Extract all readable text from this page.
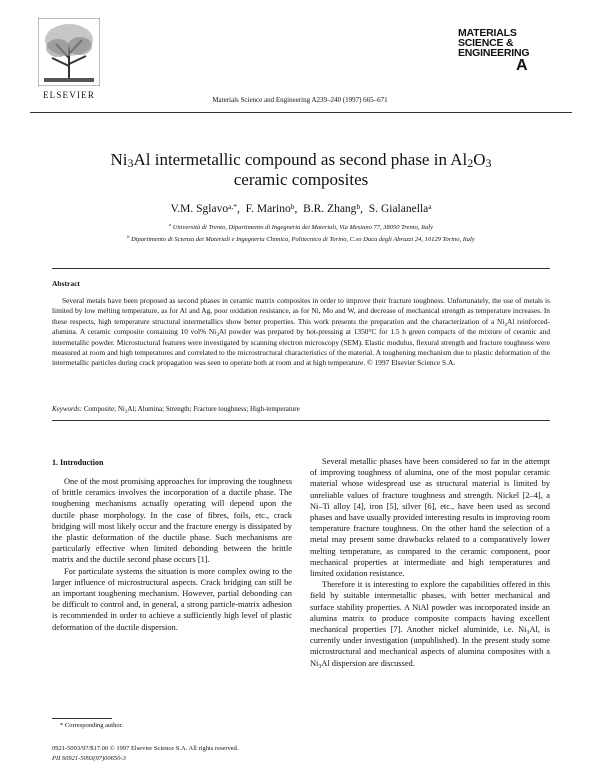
ELSEVIER	Materials Science and Engineering A239–240 (1997) 665–671
MATERIALS
SCIENCE &
ENGINEERING
A
$Ni_3Al$ intermetallic compound as second phase in $Al_2O_3$
ceramic composites
V.M. Sglavo$^{a,*}$,  F. Marino$^b$,  B.R. Zhang$^b$,  S. Gialanella$^a$
$^a$ Università di Trento, Dipartimento di Ingegneria dei Materiali, Via Mesiano 77, 38050 Trento, Italy
$^b$ Dipartimento di Scienza dei Materiali e Ingegneria Chimica, Politecnico di Torino, C.so Duca degli Abruzzi 24, 10129 Torino, Italy
Abstract

Several metals have been proposed as second phases in ceramic matrix composites in order to improve their fracture toughness. Unfortunately, the use of metals is limited by low melting temperature, as for Al and Ag, poor oxidation resistance, as for Ni, Mo and W, and decrease of mechanical strength as temperature increases. In these respects, high temperature structural intermetallics show better properties. This work presents the preparation and the characterization of a $Ni_3Al$ reinforced-alumina. A ceramic composite containing 10 vol% $Ni_3Al$ powder was prepared by hot-pressing at 1350°C for 1.5 h green compacts of the mixture of ceramic and intermetallic powder. Microstuctural features were investigated by scanning electron microscopy (SEM). Elastic modulus, flexural strength and fracture toughness were measured at room and high temperatures and correlated to the microstructural characteristics of the material. A toughening mechanism due to plastic deformation of the intermetallic particles during crack propagation was seen to operate both at room and at high temperature. © 1997 Elsevier Science S.A.

Keywords: Composite; $Ni_3Al$; Alumina; Strength; Fracture toughness; High-temperature
1. Introduction

One of the most promising approaches for improving the toughness of brittle ceramics involves the incorporation of a ductile phase. The toughening mechanisms actually operating will depend upon the ductile phase morphology. In the case of fibres, foils, etc., crack bridging will most likely occur and the fracture energy is dissipated by the plastic deformation of the ductile phase. Such mechanisms are particularly effective when limited debonding between the brittle matrix and the ductile second phase occurs [1].

For particulate systems the situation is more complex owing to the larger influence of microstructural aspects. Crack bridging can still be an important toughening mechanism. However, partial debonding can be difficult to control and, in general, a strong particle-matrix adhesion is recommended in order to achieve a sufficiently high level of plastic deformation of the ductile dispersion.

Several metallic phases have been considered so far in the attempt of improving toughness of alumina, one of the most popular ceramic material whose widespread use as structural material is limited by unreliable values of fracture toughness and strength. Nickel [2–4], a Ni–Ti alloy [4], iron [5], silver [6], etc., have been used as second phases and have usually provided interesting results in improving room temperature fracture toughness. On the other hand the selection of a metal may present some drawbacks related to a comparatively lower melting temperature, as compared to the ceramic component, poor mechanical properties at intermediate and high temperatures and limited oxidation resistance.

Therefore it is interesting to explore the capabilities offered in this field by suitable intermetallic phases, with better mechanical and surface stability properties. A NiAl powder was incorporated inside an alumina matrix to produce composite compacts having excellent mechanical properties [7]. Another nickel aluminide, i.e. $Ni_3Al$, is currently under investigation (unpublished). In the present study some microstructural and mechanical aspects of alumina composites with a $Ni_3Al$ dispersion are discussed.

* Corresponding author.
0921-5093/97/$17.00 © 1997 Elsevier Science S.A. All rights reserved.
PII S0921-5093(97)00650-3
